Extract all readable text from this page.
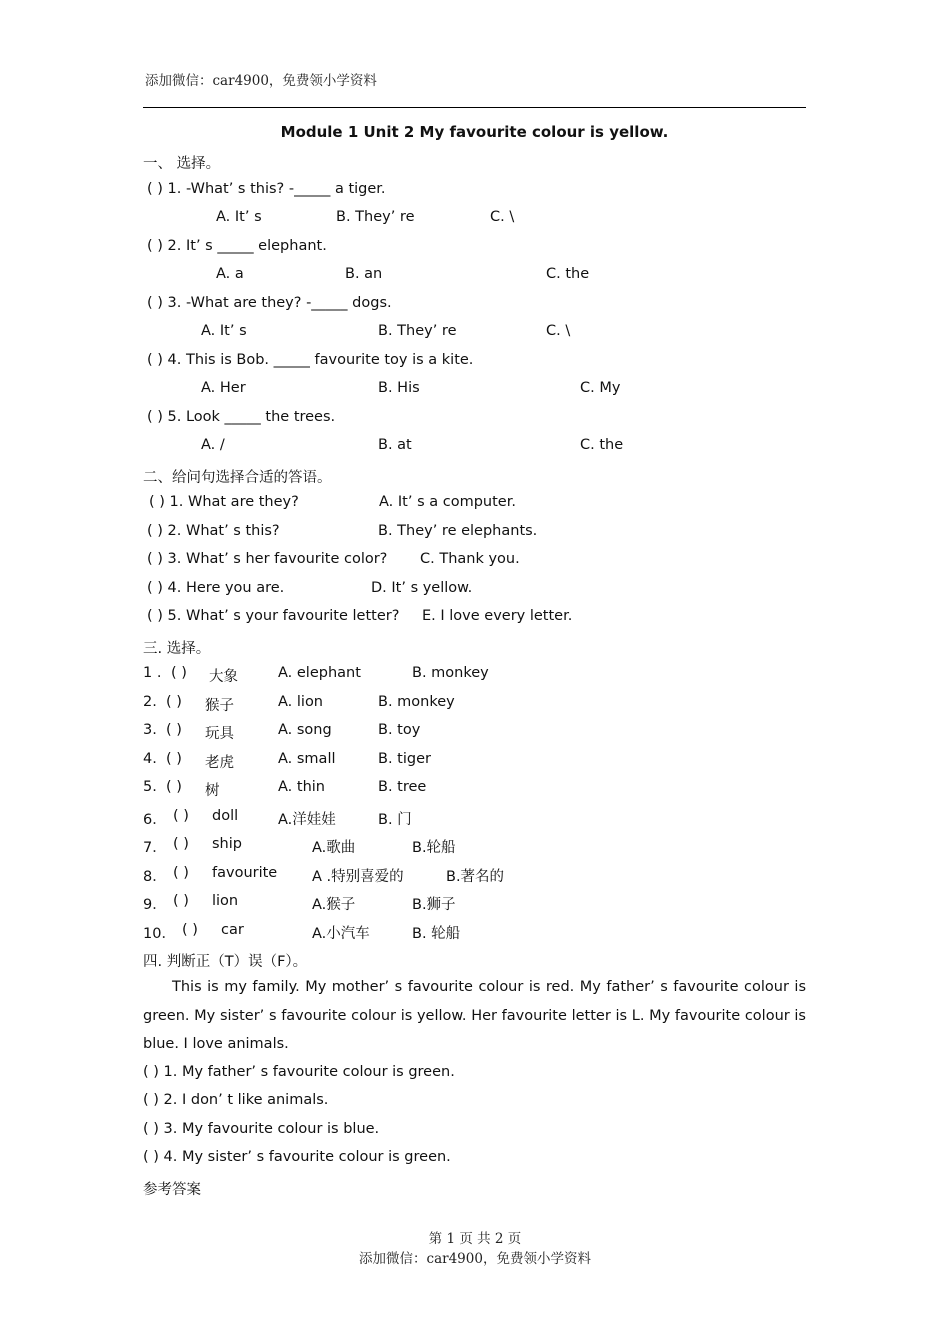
添加微信：car4900，免费领小学资料
Module 1 Unit 2 My favourite colour is yellow.
一、 选择。
( ) 1. -What’ s this? -_____ a tiger.
A. It’ s	B. They’ re	C. \
( ) 2. It’ s _____ elephant.
A. a	B. an	C. the
( ) 3. -What are they? -_____ dogs.
A. It’ s	B. They’ re	C. \
( ) 4. This is Bob. _____ favourite toy is a kite.
A. Her	B. His	C. My
( ) 5. Look _____ the trees.
A. /	B. at	C. the
二、给问句选择合适的答语。
( ) 1. What are they?	A. It’ s a computer.
( ) 2. What’ s this?	B. They’ re elephants.
( ) 3. What’ s her favourite color? C. Thank you.
( ) 4. Here you are.	D. It’ s yellow.
( ) 5. What’ s your favourite letter? E. I love every letter.
三. 选择。
1 . ( ) 大象	A. elephant	B. monkey
2. ( ) 猴子	A. lion	B. monkey
3. ( ) 玩具	A. song	B. toy
4. ( ) 老虎	A. small	B. tiger
5. ( ) 树	A. thin	B. tree
6． ( ) doll	A.洋娃娃	B. 门
7． ( ) ship	A.歌曲	B.轮船
8． ( ) favourite A .特别喜爱的	B.著名的
9． ( ) lion	A.猴子	B.狮子
10． ( ) car	A.小汽车	B. 轮船
四. 判断正（T）误（F）。
This is my family. My mother’ s favourite colour is red. My father’ s favourite colour is green. My sister’ s favourite colour is yellow. Her favourite letter is L. My favourite colour is blue. I love animals.
( ) 1. My father’ s favourite colour is green.
( ) 2. I don’ t like animals.
( ) 3. My favourite colour is blue.
( ) 4. My sister’ s favourite colour is green.
参考答案
第 1 页 共 2 页
添加微信：car4900，免费领小学资料
